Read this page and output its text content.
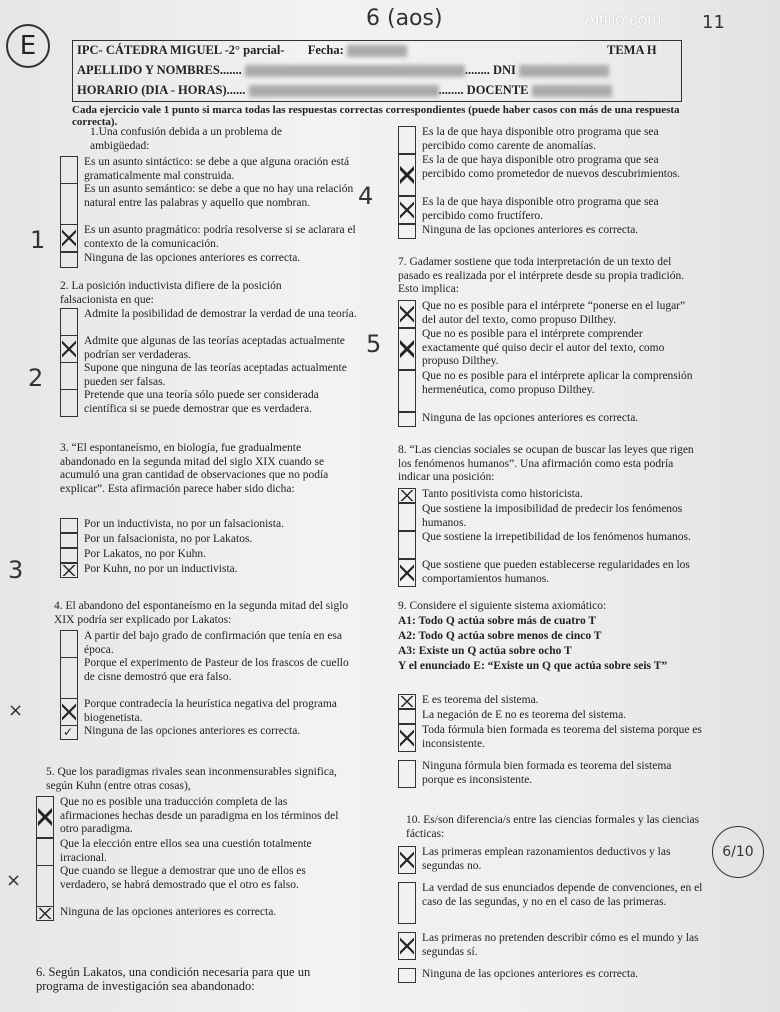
Altillo.com
6 (aos)	11
E	IPC- CÁTEDRA MIGUEL -2° parcial- Fecha:	TEMA H
APELLIDO Y NOMBRES.......	........ DNI
HORARIO (DIA - HORAS)......	........ DOCENTE
Cada ejercicio vale 1 punto si marca todas las respuestas correctas correspondientes (puede haber casos con más de una respuesta correcta).
1.Una confusión debida a un problema de ambigüedad:
Es un asunto sintáctico: se debe a que alguna oración está gramaticalmente mal construida.
Es un asunto semántico: se debe a que no hay una relación natural entre las palabras y aquello que nombran.
Es un asunto pragmático: podría resolverse si se aclarara el contexto de la comunicación.
Ninguna de las opciones anteriores es correcta.
2. La posición inductivista difiere de la posición falsacionista en que:
Admite la posibilidad de demostrar la verdad de una teoría.
Admite que algunas de las teorías aceptadas actualmente podrían ser verdaderas.
Supone que ninguna de las teorías aceptadas actualmente pueden ser falsas.
Pretende que una teoría sólo puede ser considerada científica si se puede demostrar que es verdadera.
3. “El espontaneísmo, en biología, fue gradualmente abandonado en la segunda mitad del siglo XIX cuando se acumuló una gran cantidad de observaciones que no podía explicar”. Esta afirmación parece haber sido dicha:
Por un inductivista, no por un falsacionista.
Por un falsacionista, no por Lakatos.
Por Lakatos, no por Kuhn.
Por Kuhn, no por un inductivista.
4. El abandono del espontaneísmo en la segunda mitad del siglo XIX podría ser explicado por Lakatos:
A partir del bajo grado de confirmación que tenía en esa época.
Porque el experimento de Pasteur de los frascos de cuello de cisne demostró que era falso.
Porque contradecía la heurística negativa del programa biogenetista.
✓
Ninguna de las opciones anteriores es correcta.
5. Que los paradigmas rivales sean inconmensurables significa, según Kuhn (entre otras cosas),
Que no es posible una traducción completa de las afirmaciones hechas desde un paradigma en los términos del otro paradigma.
Que la elección entre ellos sea una cuestión totalmente irracional.
Que cuando se llegue a demostrar que uno de ellos es verdadero, se habrá demostrado que el otro es falso.
Ninguna de las opciones anteriores es correcta.
6. Según Lakatos, una condición necesaria para que un programa de investigación sea abandonado:
Es la de que haya disponible otro programa que sea percibido como carente de anomalías.
Es la de que haya disponible otro programa que sea percibido como prometedor de nuevos descubrimientos.
Es la de que haya disponible otro programa que sea percibido como fructífero.
Ninguna de las opciones anteriores es correcta.
7. Gadamer sostiene que toda interpretación de un texto del pasado es realizada por el intérprete desde su propia tradición. Esto implica:
Que no es posible para el intérprete “ponerse en el lugar” del autor del texto, como propuso Dilthey.
Que no es posible para el intérprete comprender exactamente qué quiso decir el autor del texto, como propuso Dilthey.
Que no es posible para el intérprete aplicar la comprensión hermenéutica, como propuso Dilthey.
Ninguna de las opciones anteriores es correcta.
8. “Las ciencias sociales se ocupan de buscar las leyes que rigen los fenómenos humanos”. Una afirmación como esta podría indicar una posición:
Tanto positivista como historicista.
Que sostiene la imposibilidad de predecir los fenómenos humanos.
Que sostiene la irrepetibilidad de los fenómenos humanos.
Que sostiene que pueden establecerse regularidades en los comportamientos humanos.
9. Considere el siguiente sistema axiomático:
A1: Todo Q actúa sobre más de cuatro T
A2: Todo Q actúa sobre menos de cinco T
A3: Existe un Q actúa sobre ocho T
Y el enunciado E: “Existe un Q que actúa sobre seis T”
E es teorema del sistema.
La negación de E no es teorema del sistema.
Toda fórmula bien formada es teorema del sistema porque es inconsistente.
Ninguna fórmula bien formada es teorema del sistema porque es inconsistente.
10. Es/son diferencia/s entre las ciencias formales y las ciencias fácticas:
Las primeras emplean razonamientos deductivos y las segundas no.
La verdad de sus enunciados depende de convenciones, en el caso de las segundas, y no en el caso de las primeras.
Las primeras no pretenden describir cómo es el mundo y las segundas sí.
Ninguna de las opciones anteriores es correcta.
1
2
3
4
5
×
×
6/10
